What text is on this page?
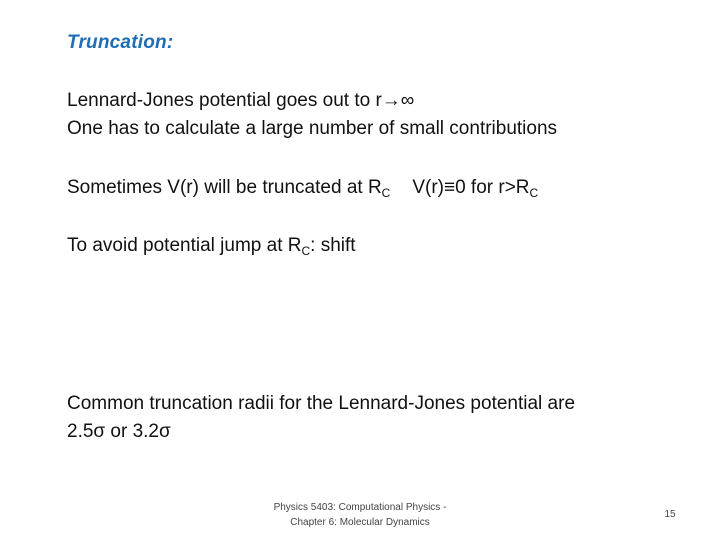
Truncation:
Lennard-Jones potential goes out to r→∞
One has to calculate a large number of small contributions
Sometimes V(r) will be truncated at $R_C$ V(r)≡0 for $r>R_C$
To avoid potential jump at $R_C$: shift
Common truncation radii for the Lennard-Jones potential are
2.5σ or 3.2σ
Physics 5403: Computational Physics -
Chapter 6: Molecular Dynamics
15
